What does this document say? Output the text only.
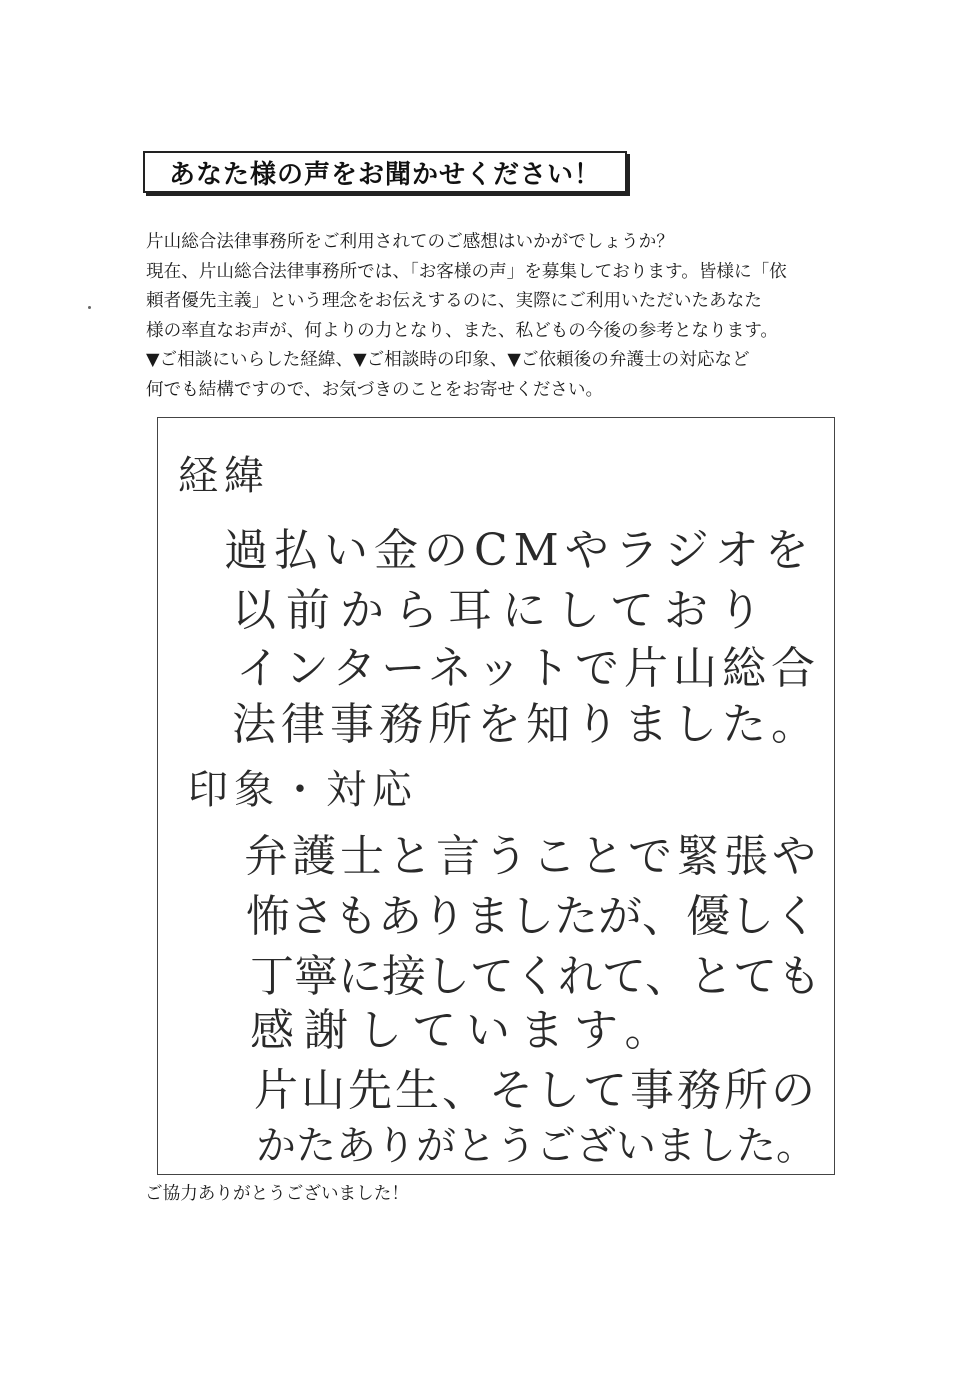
あなた様の声をお聞かせください！
片山総合法律事務所をご利用されてのご感想はいかがでしょうか？
現在、片山総合法律事務所では、「お客様の声」を募集しております。皆様に「依
頼者優先主義」という理念をお伝えするのに、実際にご利用いただいたあなた
様の率直なお声が、何よりの力となり、また、私どもの今後の参考となります。
▼ご相談にいらした経緯、▼ご相談時の印象、▼ご依頼後の弁護士の対応など
何でも結構ですので、お気づきのことをお寄せください。
経緯
過払い金のCMやラジオを
以前から耳にしており
インターネットで片山総合
法律事務所を知りました。
印象・対応
弁護士と言うことで緊張や
怖さもありましたが、優しく
丁寧に接してくれて、とても
感謝しています。
片山先生、そして事務所の
かたありがとうございました。
ご協力ありがとうございました！
